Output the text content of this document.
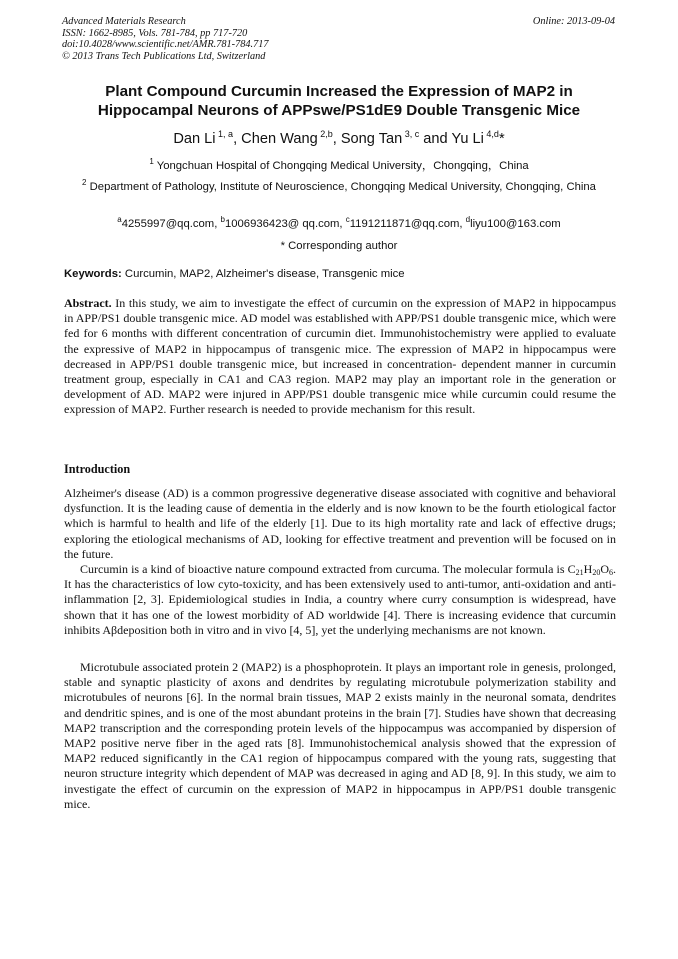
Advanced Materials Research
ISSN: 1662-8985, Vols. 781-784, pp 717-720
doi:10.4028/www.scientific.net/AMR.781-784.717
© 2013 Trans Tech Publications Ltd, Switzerland
Online: 2013-09-04
Plant Compound Curcumin Increased the Expression of MAP2 in
Hippocampal Neurons of APPswe/PS1dE9 Double Transgenic Mice
Dan Li $^{1, a}$, Chen Wang $^{2,b}$, Song Tan $^{3, c}$ and Yu Li $^{4,d}$*
$^1$ Yongchuan Hospital of Chongqing Medical University，Chongqing，China
$^2$ Department of Pathology, Institute of Neuroscience, Chongqing Medical University, Chongqing, China
$^a$4255997@qq.com, $^b$1006936423@ qq.com, $^c$1191211871@qq.com, $^d$liyu100@163.com
* Corresponding author
Keywords: Curcumin, MAP2, Alzheimer's disease, Transgenic mice
Abstract. In this study, we aim to investigate the effect of curcumin on the expression of MAP2 in hippocampus in APP/PS1 double transgenic mice. AD model was established with APP/PS1 double transgenic mice, which were fed for 6 months with different concentration of curcumin diet. Immunohistochemistry were applied to evaluate the expressive of MAP2 in hippocampus of transgenic mice. The expression of MAP2 in hippocampus were decreased in APP/PS1 double transgenic mice, but increased in concentration- dependent manner in curcumin treatment group, especially in CA1 and CA3 region. MAP2 may play an important role in the generation or development of AD. MAP2 were injured in APP/PS1 double transgenic mice while curcumin could resume the expression of MAP2. Further research is needed to provide mechanism for this result.
Introduction
Alzheimer's disease (AD) is a common progressive degenerative disease associated with cognitive and behavioral dysfunction. It is the leading cause of dementia in the elderly and is now known to be the fourth etiological factor which is harmful to health and life of the elderly [1]. Due to its high mortality rate and lack of effective drugs; exploring the etiological mechanisms of AD, looking for effective treatment and prevention will be focused on in the future.
Curcumin is a kind of bioactive nature compound extracted from curcuma. The molecular formula is $C_{21}H_{20}O_6$. It has the characteristics of low cyto-toxicity, and has been extensively used to anti-tumor, anti-oxidation and anti-inflammation [2, 3]. Epidemiological studies in India, a country where curry consumption is widespread, have shown that it has one of the lowest morbidity of AD worldwide [4]. There is increasing evidence that curcumin inhibits Aβdeposition both in vitro and in vivo [4, 5], yet the underlying mechanisms are not known.
Microtubule associated protein 2 (MAP2) is a phosphoprotein. It plays an important role in genesis, prolonged, stable and synaptic plasticity of axons and dendrites by regulating microtubule polymerization stability and microtubules of neurons [6]. In the normal brain tissues, MAP 2 exists mainly in the neuronal somata, dendrites and dendritic spines, and is one of the most abundant proteins in the brain [7]. Studies have shown that decreasing MAP2 transcription and the corresponding protein levels of the hippocampus was accompanied by dispersion of MAP2 positive nerve fiber in the aged rats [8]. Immunohistochemical analysis showed that the expression of MAP2 reduced significantly in the CA1 region of hippocampus compared with the young rats, suggesting that neuron structure integrity which dependent of MAP was decreased in aging and AD [8, 9]. In this study, we aim to investigate the effect of curcumin on the expression of MAP2 in hippocampus in APP/PS1 double transgenic mice.
